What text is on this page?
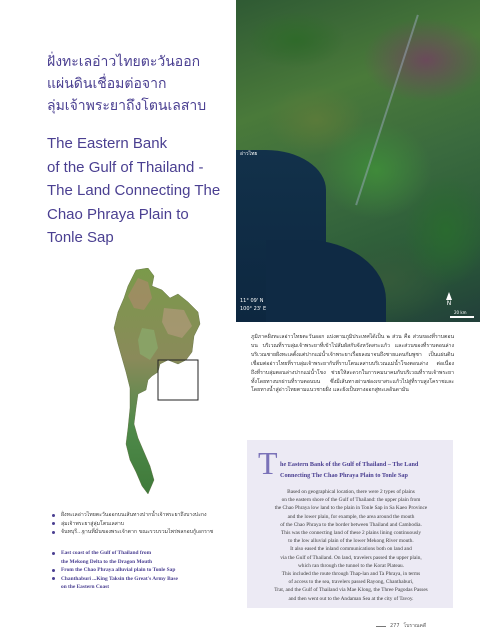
อ่าวไทย
11° 09' N
100° 23' E
N
20 km
ฝั่งทะเลอ่าวไทยตะวันออก
แผ่นดินเชื่อมต่อจาก
ลุ่มเจ้าพระยาถึงโตนเลสาบ
The Eastern Bank
of the Gulf of Thailand -
The Land Connecting The
Chao Phraya Plain to
Tonle Sap
ฝั่งทะเลอ่าวไทยตะวันออกบนเส้นทางปากน้ำเจ้าพระยาถึงบางปะกง
ลุ่มเจ้าพระยาสู่ลุ่มโตนเลสาบ
จันทบุรี...ฐานที่มั่นของพระเจ้าตาก ขณะรวบรวมไพร่พลกอบกู้เอกราช
East coast of the Gulf of Thailand from
the Mekong Delta to the Dragon Mouth
From the Chao Phraya alluvial plain to Tonle Sap
Chanthaburi ...King Taksin the Great's Army Base
on the Eastern Coast
ภูมิภาคฝั่งทะเลอ่าวไทยตะวันออก แบ่งตามภูมิประเทศได้เป็น ๒ ส่วน คือ ส่วนของที่ราบตอนบน บริเวณที่ราบลุ่มเจ้าพระยาที่เข้าไปสัมผัสกับจังหวัดสระแก้ว และส่วนของที่ราบตอนล่างบริเวณชายฝั่งทะเลตั้งแต่ปากแม่น้ำเจ้าพระยาเรื่อยลงมาจนถึงชายแดนกัมพูชา เป็นแผ่นดินเชื่อมต่ออ่าวไทยที่ราบลุ่มเจ้าพระยากับที่ราบโตนเลสาบบริเวณแม่น้ำโขงตอนล่าง ต่อเนื่องถึงที่ราบลุ่มตอนล่างปากแม่น้ำโขง ช่วยให้สะดวกในการคมนาคมกับบริเวณที่ราบเจ้าพระยาทั้งโดยทางบกผ่านที่ราบตอนบน ซึ่งมีเส้นทางผ่านช่องเขาสระแก้วไปสู่ที่ราบสูงโคราชและโดยทางน้ำสู่อ่าวไทยตามแนวชายฝั่ง และยังเป็นทางออกสู่ทะเลอันดามัน
T he Eastern Bank of the Gulf of Thailand – The Land Connecting The Chao Phraya Plain to Tonle Sap

Based on geographical location, there were 2 types of plains

on the eastern shore of the Gulf of Thailand: the upper plain from

the Chao Phraya low land to the plain in Tonle Sap in Sa Kaeo Province

and the lower plain, for example, the area around the mouth

of the Chao Phraya to the border between Thailand and Cambodia.

This was the connecting land of these 2 plains lining continuously

to the low alluvial plain of the lower Mekong River mouth.

It also eased the inland communications both on land and

via the Gulf of Thailand. On land, travelers passed the upper plain,

which ran through the tunnel to the Korat Plateau.

This included the route through Thap-lan and Ta Phraya, in terms

of access to the sea, travelers passed Rayong, Chanthaburi,

Trat, and the Gulf of Thailand via Mae Klong, the Three Pagodas Passes

and then went out to the Andaman Sea at the city of Tavoy.

277 โบราณคดี
